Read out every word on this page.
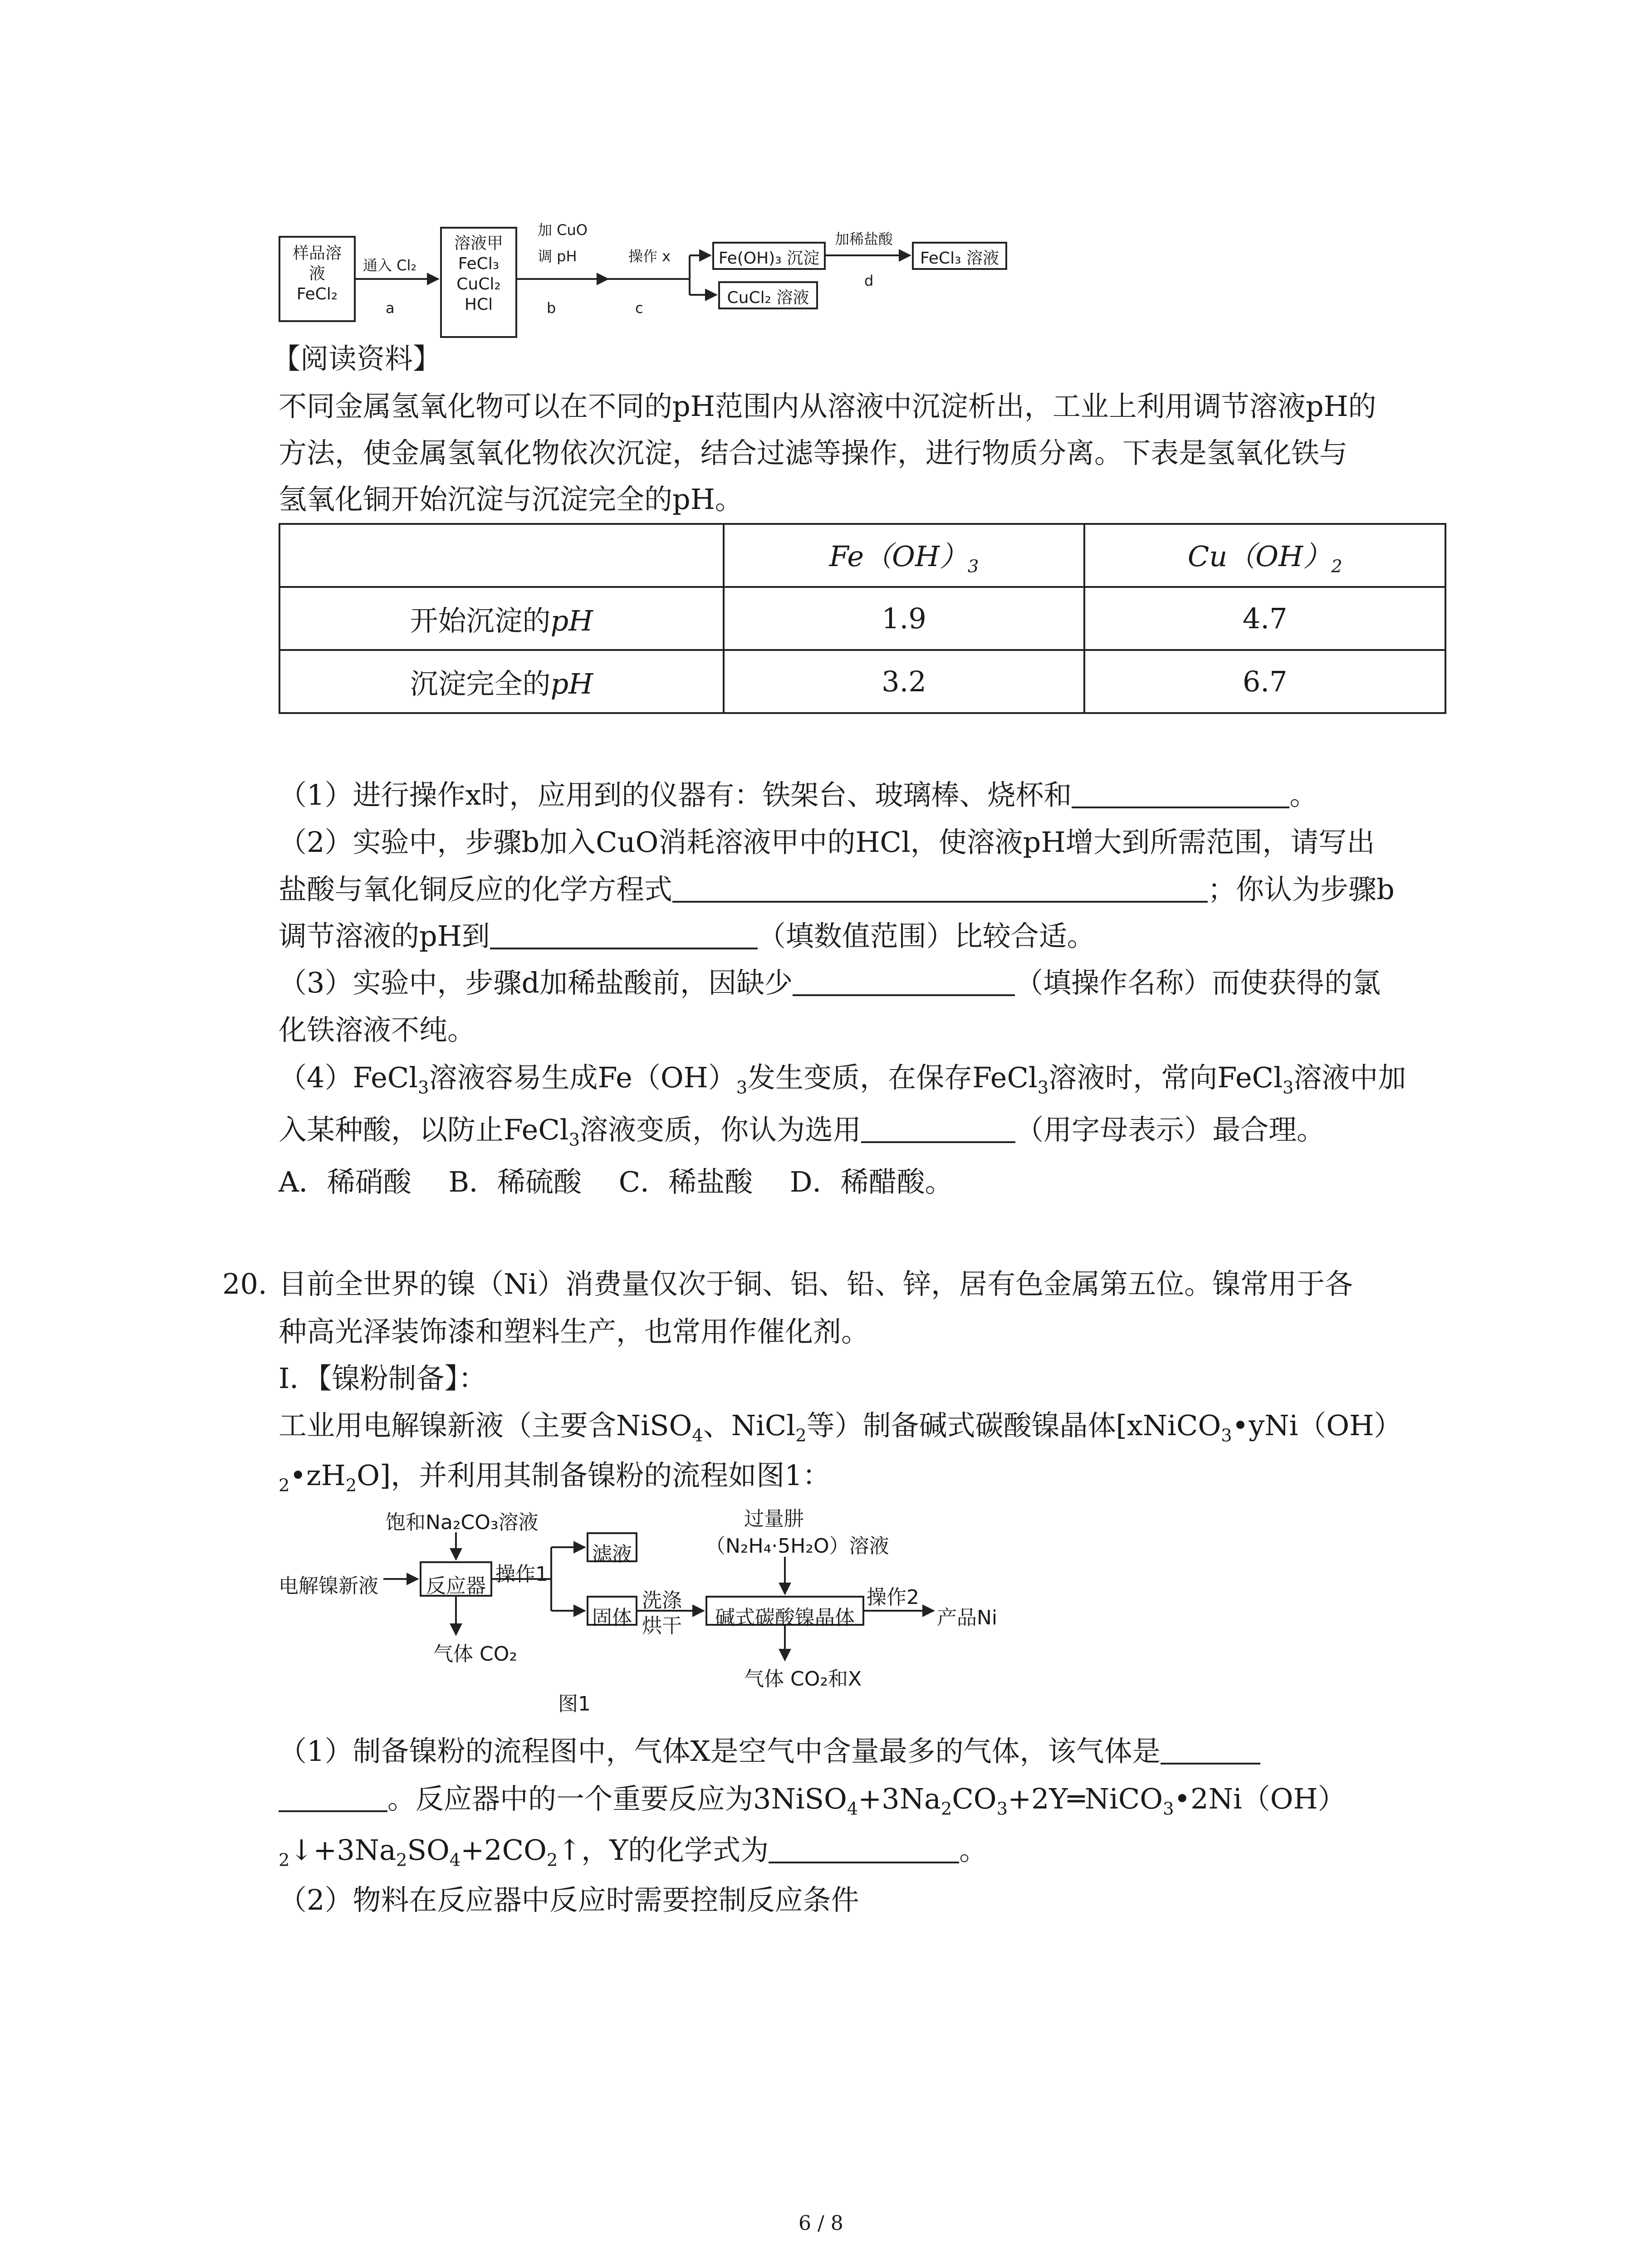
样品溶
液
FeCl₂
通入 Cl₂
a
溶液甲
FeCl₃
CuCl₂
HCl
加 CuO
调 pH
b
操作 x
c
Fe(OH)₃ 沉淀
CuCl₂ 溶液
加稀盐酸
d
FeCl₃ 溶液
【阅读资料】
不同金属氢氧化物可以在不同的pH范围内从溶液中沉淀析出，工业上利用调节溶液pH的
方法，使金属氢氧化物依次沉淀，结合过滤等操作，进行物质分离。下表是氢氧化铁与
氢氧化铜开始沉淀与沉淀完全的pH。
	$Fe(OH)_3$	$Cu(OH)_2$
开始沉淀的pH	1.9	4.7
沉淀完全的pH	3.2	6.7
（1）进行操作x时，应用到的仪器有：铁架台、玻璃棒、烧杯和	。
（2）实验中，步骤b加入CuO消耗溶液甲中的HCl，使溶液pH增大到所需范围，请写出
盐酸与氧化铜反应的化学方程式	；你认为步骤b
调节溶液的pH到	（填数值范围）比较合适。
（3）实验中，步骤d加稀盐酸前，因缺少	（填操作名称）而使获得的氯
化铁溶液不纯。
（4）FeCl$_3$溶液容易生成$Fe(OH)_3$发生变质，在保存FeCl$_3$溶液时，常向FeCl$_3$溶液中加
入某种酸，以防止FeCl$_3$溶液变质，你认为选用	（用字母表示）最合理。
A．稀硝酸　 B．稀硫酸　 C．稀盐酸　 D．稀醋酸。
20. 目前全世界的镍（Ni）消费量仅次于铜、铝、铅、锌，居有色金属第五位。镍常用于各
种高光泽装饰漆和塑料生产，也常用作催化剂。
Ⅰ．【镍粉制备】：
工业用电解镍新液（主要含NiSO$_4$、NiCl$_2$等）制备碱式碳酸镍晶体[xNiCO$_3$•yNi（OH）
$_2•zH_2O$]，并利用其制备镍粉的流程如图1：
饱和Na₂CO₃溶液
电解镍新液	反应器
操作1
滤液
固体
洗涤
烘干
过量肼
（N₂H₄·5H₂O）溶液
碱式碳酸镍晶体
操作2
产品Ni
气体 CO₂
气体 CO₂和X
图1
（1）制备镍粉的流程图中，气体X是空气中含量最多的气体，该气体是
。反应器中的一个重要反应为$3NiSO_4+3Na_2CO_3+2Y═NiCO_3•2Ni(OH)$
$_2↓+3Na_2SO_4+2CO_2↑$，Y的化学式为	。
（2）物料在反应器中反应时需要控制反应条件
6 / 8
